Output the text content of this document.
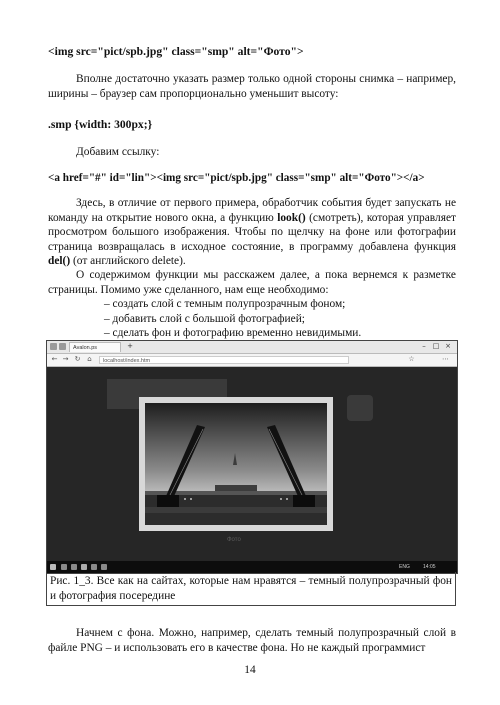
<img src="pict/spb.jpg" class="smp" alt="Фото">
Вполне достаточно указать размер только одной стороны снимка – например, ширины – браузер сам пропорционально уменьшит высоту:
.smp {width: 300px;}
Добавим ссылку:
<a href="#" id="lin"><img src="pict/spb.jpg" class="smp" alt="Фото"></a>
Здесь, в отличие от первого примера, обработчик события будет запускать не команду на открытие нового окна, а функцию look() (смотреть), которая управляет просмотром большого изображения. Чтобы по щелчку на фоне или фотографии страница возвращалась в исходное состояние, в программу добавлена функция del() (от английского delete).
О содержимом функции мы расскажем далее, а пока вернемся к разметке страницы. Помимо уже сделанного, нам еще необходимо:
– создать слой с темным полупрозрачным фоном;
– добавить слой с большой фотографией;
– сделать фон и фотографию временно невидимыми.
Avalon.ps	+	– □ ×
← → ↻ ⌂	localhost/index.htm	☆	⋯
Фото
ENG	14:05
Рис. 1_3. Все как на сайтах, которые нам нравятся – темный полупрозрачный фон и фотография посередине
Начнем с фона. Можно, например, сделать темный полупрозрачный слой в файле PNG – и использовать его в качестве фона. Но не каждый программист
14
